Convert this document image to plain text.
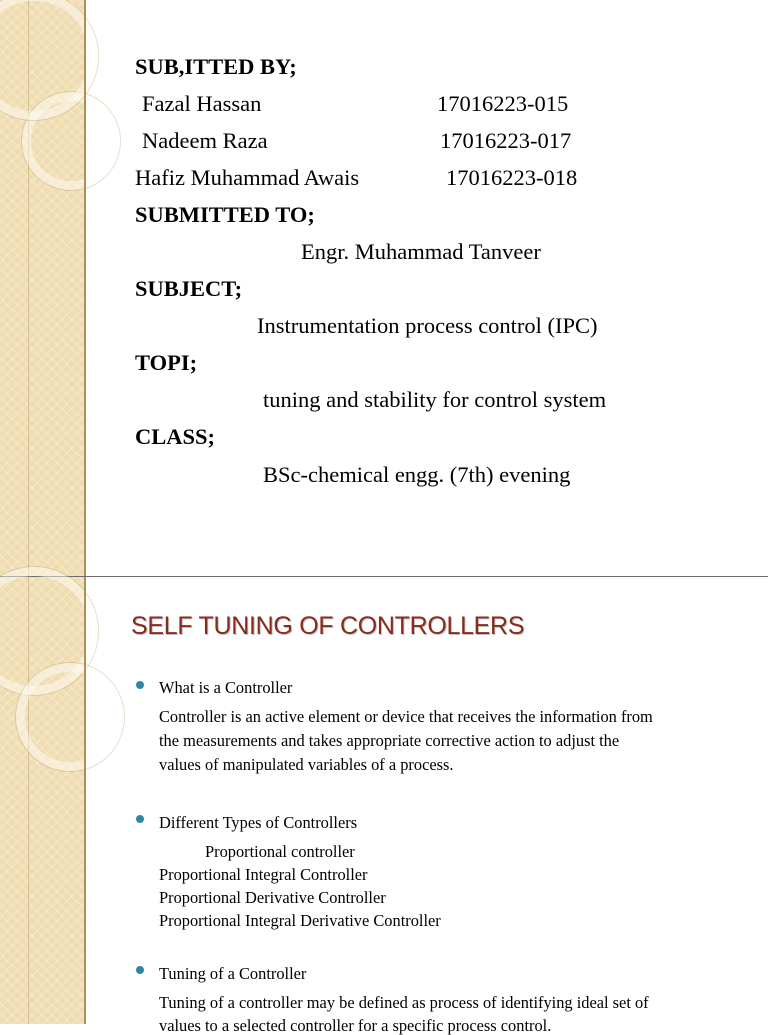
SUB,ITTED BY;
Fazal Hassan	17016223-015
Nadeem Raza	17016223-017
Hafiz Muhammad Awais	17016223-018
SUBMITTED TO;
Engr. Muhammad Tanveer
SUBJECT;
Instrumentation process control (IPC)
TOPI;
tuning and stability for control system
CLASS;
BSc-chemical engg. (7th) evening
SELF TUNING OF CONTROLLERS
What is a Controller
Controller is an active element or device that receives the information from
the measurements and takes appropriate corrective action to adjust the
values of manipulated variables of a process.
Different Types of Controllers
Proportional controller
Proportional Integral Controller
Proportional Derivative Controller
Proportional Integral Derivative Controller
Tuning of a Controller
Tuning of a controller may be defined as process of identifying ideal set of
values to a selected controller for a specific process control.
